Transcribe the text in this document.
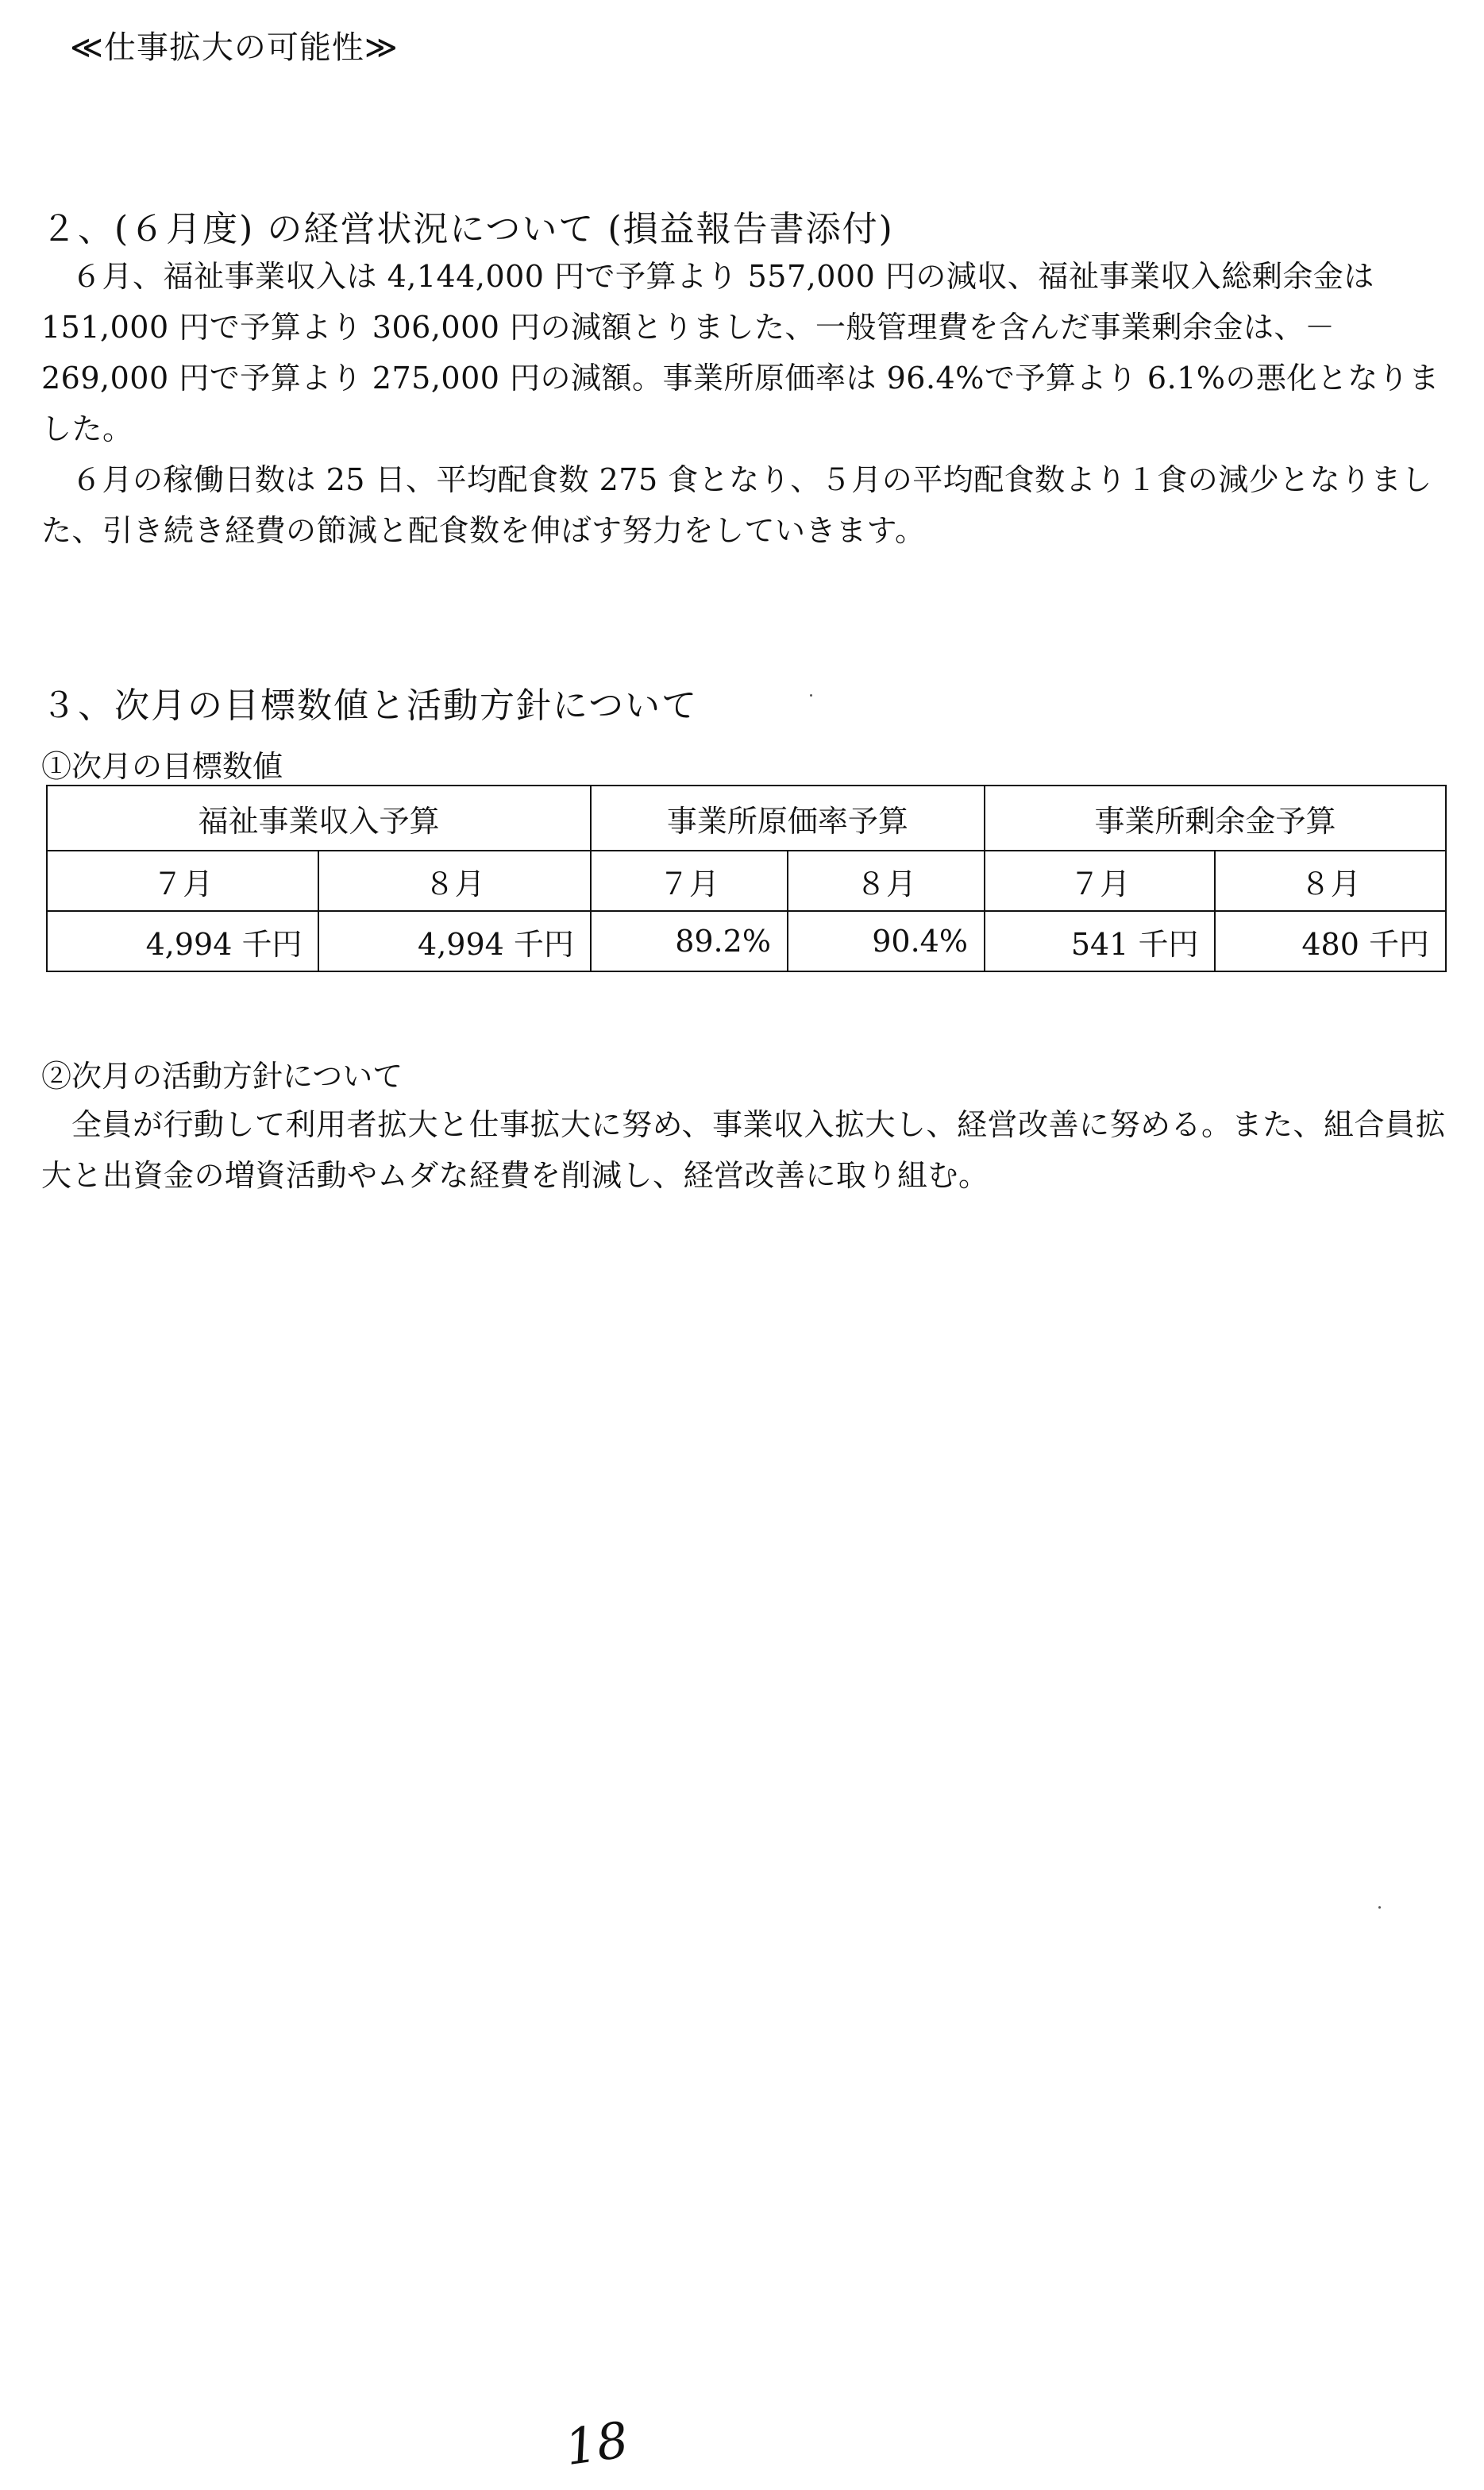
≪仕事拡大の可能性≫
２、(６月度) の経営状況について (損益報告書添付)

６月、福祉事業収入は 4,144,000 円で予算より 557,000 円の減収、福祉事業収入総剰余金は 151,000 円で予算より 306,000 円の減額とりました、一般管理費を含んだ事業剰余金は、－269,000 円で予算より 275,000 円の減額。事業所原価率は 96.4%で予算より 6.1%の悪化となりました。

６月の稼働日数は 25 日、平均配食数 275 食となり、５月の平均配食数より１食の減少となりました、引き続き経費の節減と配食数を伸ばす努力をしていきます。

３、次月の目標数値と活動方針について
①次月の目標数値
福祉事業収入予算		事業所原価率予算		事業所剰余金予算	
７月	８月	７月	８月	７月	８月
4,994 千円	4,994 千円	89.2%	90.4%	541 千円	480 千円
②次月の活動方針について

全員が行動して利用者拡大と仕事拡大に努め、事業収入拡大し、経営改善に努める。また、組合員拡大と出資金の増資活動やムダな経費を削減し、経営改善に取り組む。

18
